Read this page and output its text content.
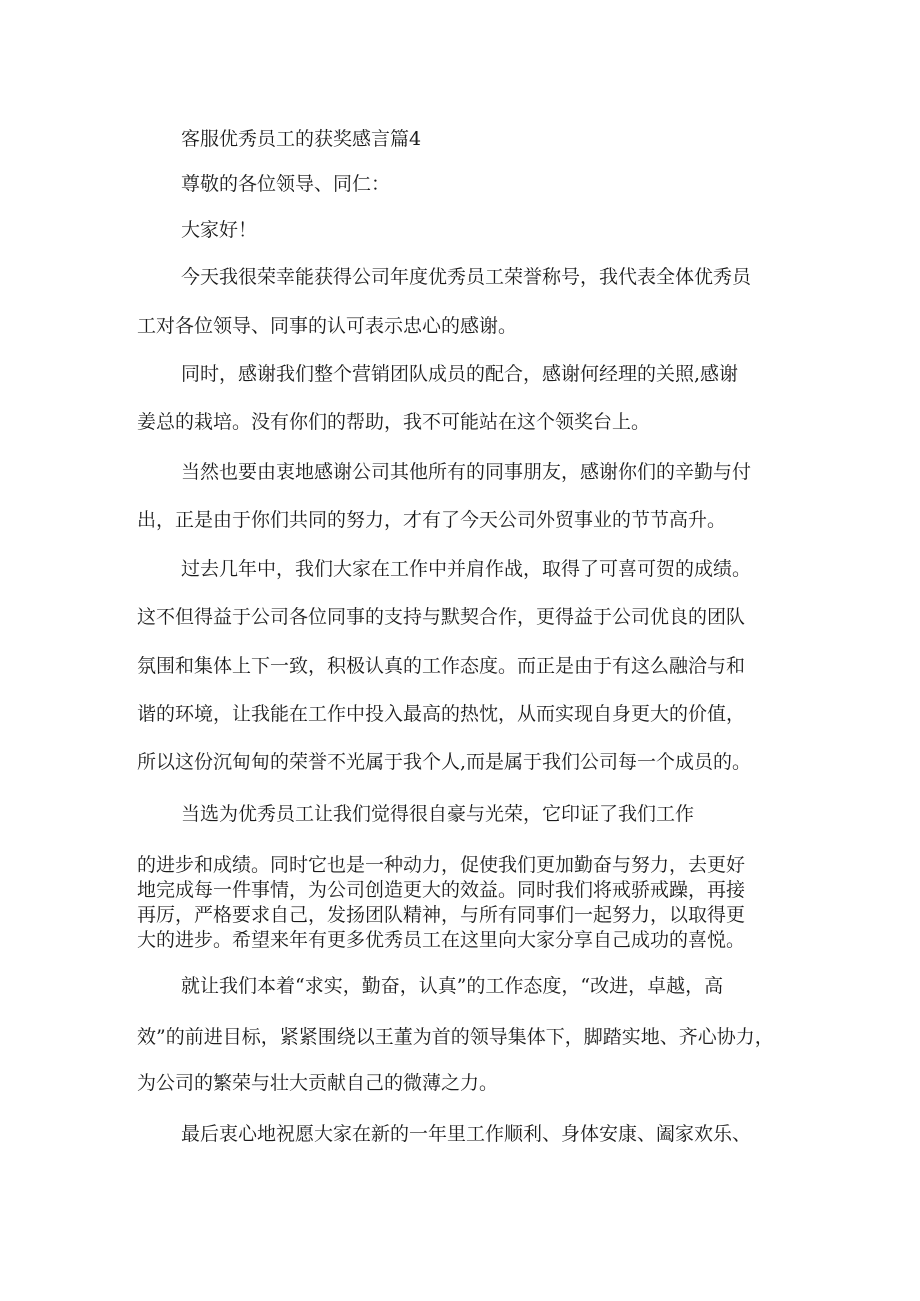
客服优秀员工的获奖感言篇4
尊敬的各位领导、同仁：
大家好！
今天我很荣幸能获得公司年度优秀员工荣誉称号，我代表全体优秀员
工对各位领导、同事的认可表示忠心的感谢。
同时，感谢我们整个营销团队成员的配合，感谢何经理的关照,感谢
姜总的栽培。没有你们的帮助，我不可能站在这个领奖台上。
当然也要由衷地感谢公司其他所有的同事朋友，感谢你们的辛勤与付
出，正是由于你们共同的努力，才有了今天公司外贸事业的节节高升。
过去几年中，我们大家在工作中并肩作战，取得了可喜可贺的成绩。
这不但得益于公司各位同事的支持与默契合作，更得益于公司优良的团队
氛围和集体上下一致，积极认真的工作态度。而正是由于有这么融洽与和
谐的环境，让我能在工作中投入最高的热忱，从而实现自身更大的价值，
所以这份沉甸甸的荣誉不光属于我个人,而是属于我们公司每一个成员的。
当选为优秀员工让我们觉得很自豪与光荣，它印证了我们工作
的进步和成绩。同时它也是一种动力，促使我们更加勤奋与努力，去更好
地完成每一件事情，为公司创造更大的效益。同时我们将戒骄戒躁，再接
再厉，严格要求自己，发扬团队精神，与所有同事们一起努力，以取得更
大的进步。希望来年有更多优秀员工在这里向大家分享自己成功的喜悦。
就让我们本着“求实，勤奋，认真”的工作态度，“改进，卓越，高
效”的前进目标，紧紧围绕以王董为首的领导集体下，脚踏实地、齐心协力，
为公司的繁荣与壮大贡献自己的微薄之力。
最后衷心地祝愿大家在新的一年里工作顺利、身体安康、阖家欢乐、
